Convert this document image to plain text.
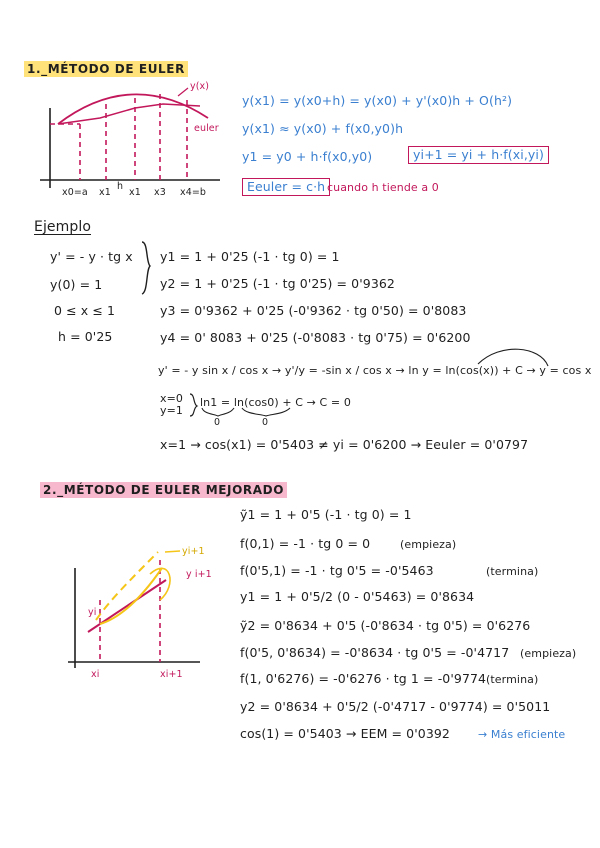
1._MÉTODO DE EULER
y(x)
euler
x0=a x1
h
x1 x3 x4=b
y(x1) = y(x0+h) = y(x0) + y'(x0)h + O(h²)
y(x1) ≈ y(x0) + f(x0,y0)h
y1 = y0 + h·f(x0,y0)	yi+1 = yi + h·f(xi,yi)
Eeuler = c·h cuando h tiende a 0
Ejemplo
y' = - y · tg x
y(0) = 1
0 ≤ x ≤ 1
h = 0'25
y1 = 1 + 0'25 (-1 · tg 0) = 1
y2 = 1 + 0'25 (-1 · tg 0'25) = 0'9362
y3 = 0'9362 + 0'25 (-0'9362 · tg 0'50) = 0'8083
y4 = 0' 8083 + 0'25 (-0'8083 · tg 0'75) = 0'6200
y' = - y sin x / cos x → y'/y = -sin x / cos x → ln y = ln(cos(x)) + C → y = cos x
x=0
y=1
ln1 = ln(cos0) + C → C = 0
0	0
x=1 → cos(x1) = 0'5403 ≠ yi = 0'6200 → Eeuler = 0'0797
2._MÉTODO DE EULER MEJORADO
yi+1
y i+1
yi
xi	xi+1
ỹ1 = 1 + 0'5 (-1 · tg 0) = 1
f(0,1) = -1 · tg 0 = 0	(empieza)
f(0'5,1) = -1 · tg 0'5 = -0'5463	(termina)
y1 = 1 + 0'5/2 (0 - 0'5463) = 0'8634
ỹ2 = 0'8634 + 0'5 (-0'8634 · tg 0'5) = 0'6276
f(0'5, 0'8634) = -0'8634 · tg 0'5 = -0'4717 (empieza)
f(1, 0'6276) = -0'6276 · tg 1 = -0'9774 (termina)
y2 = 0'8634 + 0'5/2 (-0'4717 - 0'9774) = 0'5011
cos(1) = 0'5403 → EEM = 0'0392	→ Más eficiente
